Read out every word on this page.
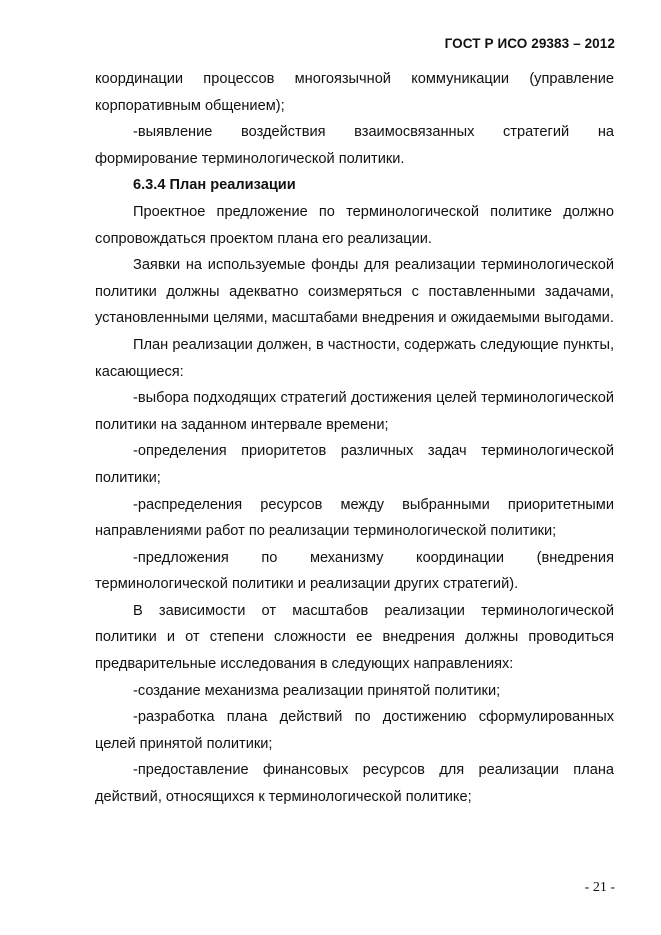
ГОСТ Р ИСО 29383 – 2012

координации процессов многоязычной коммуникации (управление корпоративным общением);

-выявление воздействия взаимосвязанных стратегий на формирование терминологической политики.

6.3.4 План реализации

Проектное предложение по терминологической политике должно сопровождаться проектом плана его реализации.

Заявки на используемые фонды для реализации терминологической политики должны адекватно соизмеряться с поставленными задачами, установленными целями, масштабами внедрения и ожидаемыми выгодами.

План реализации должен, в частности, содержать следующие пункты, касающиеся:

-выбора подходящих стратегий достижения целей терминологической политики на заданном интервале времени;

-определения приоритетов различных задач терминологической политики;

-распределения ресурсов между выбранными приоритетными направлениями работ по реализации терминологической политики;

-предложения по механизму координации (внедрения терминологической политики и реализации других стратегий).

В зависимости от масштабов реализации терминологической политики и от степени сложности ее внедрения должны проводиться предварительные исследования в следующих направлениях:

-создание механизма реализации принятой политики;

-разработка плана действий по достижению сформулированных целей принятой политики;

-предоставление финансовых ресурсов для реализации плана действий, относящихся к терминологической политике;

- 21 -
